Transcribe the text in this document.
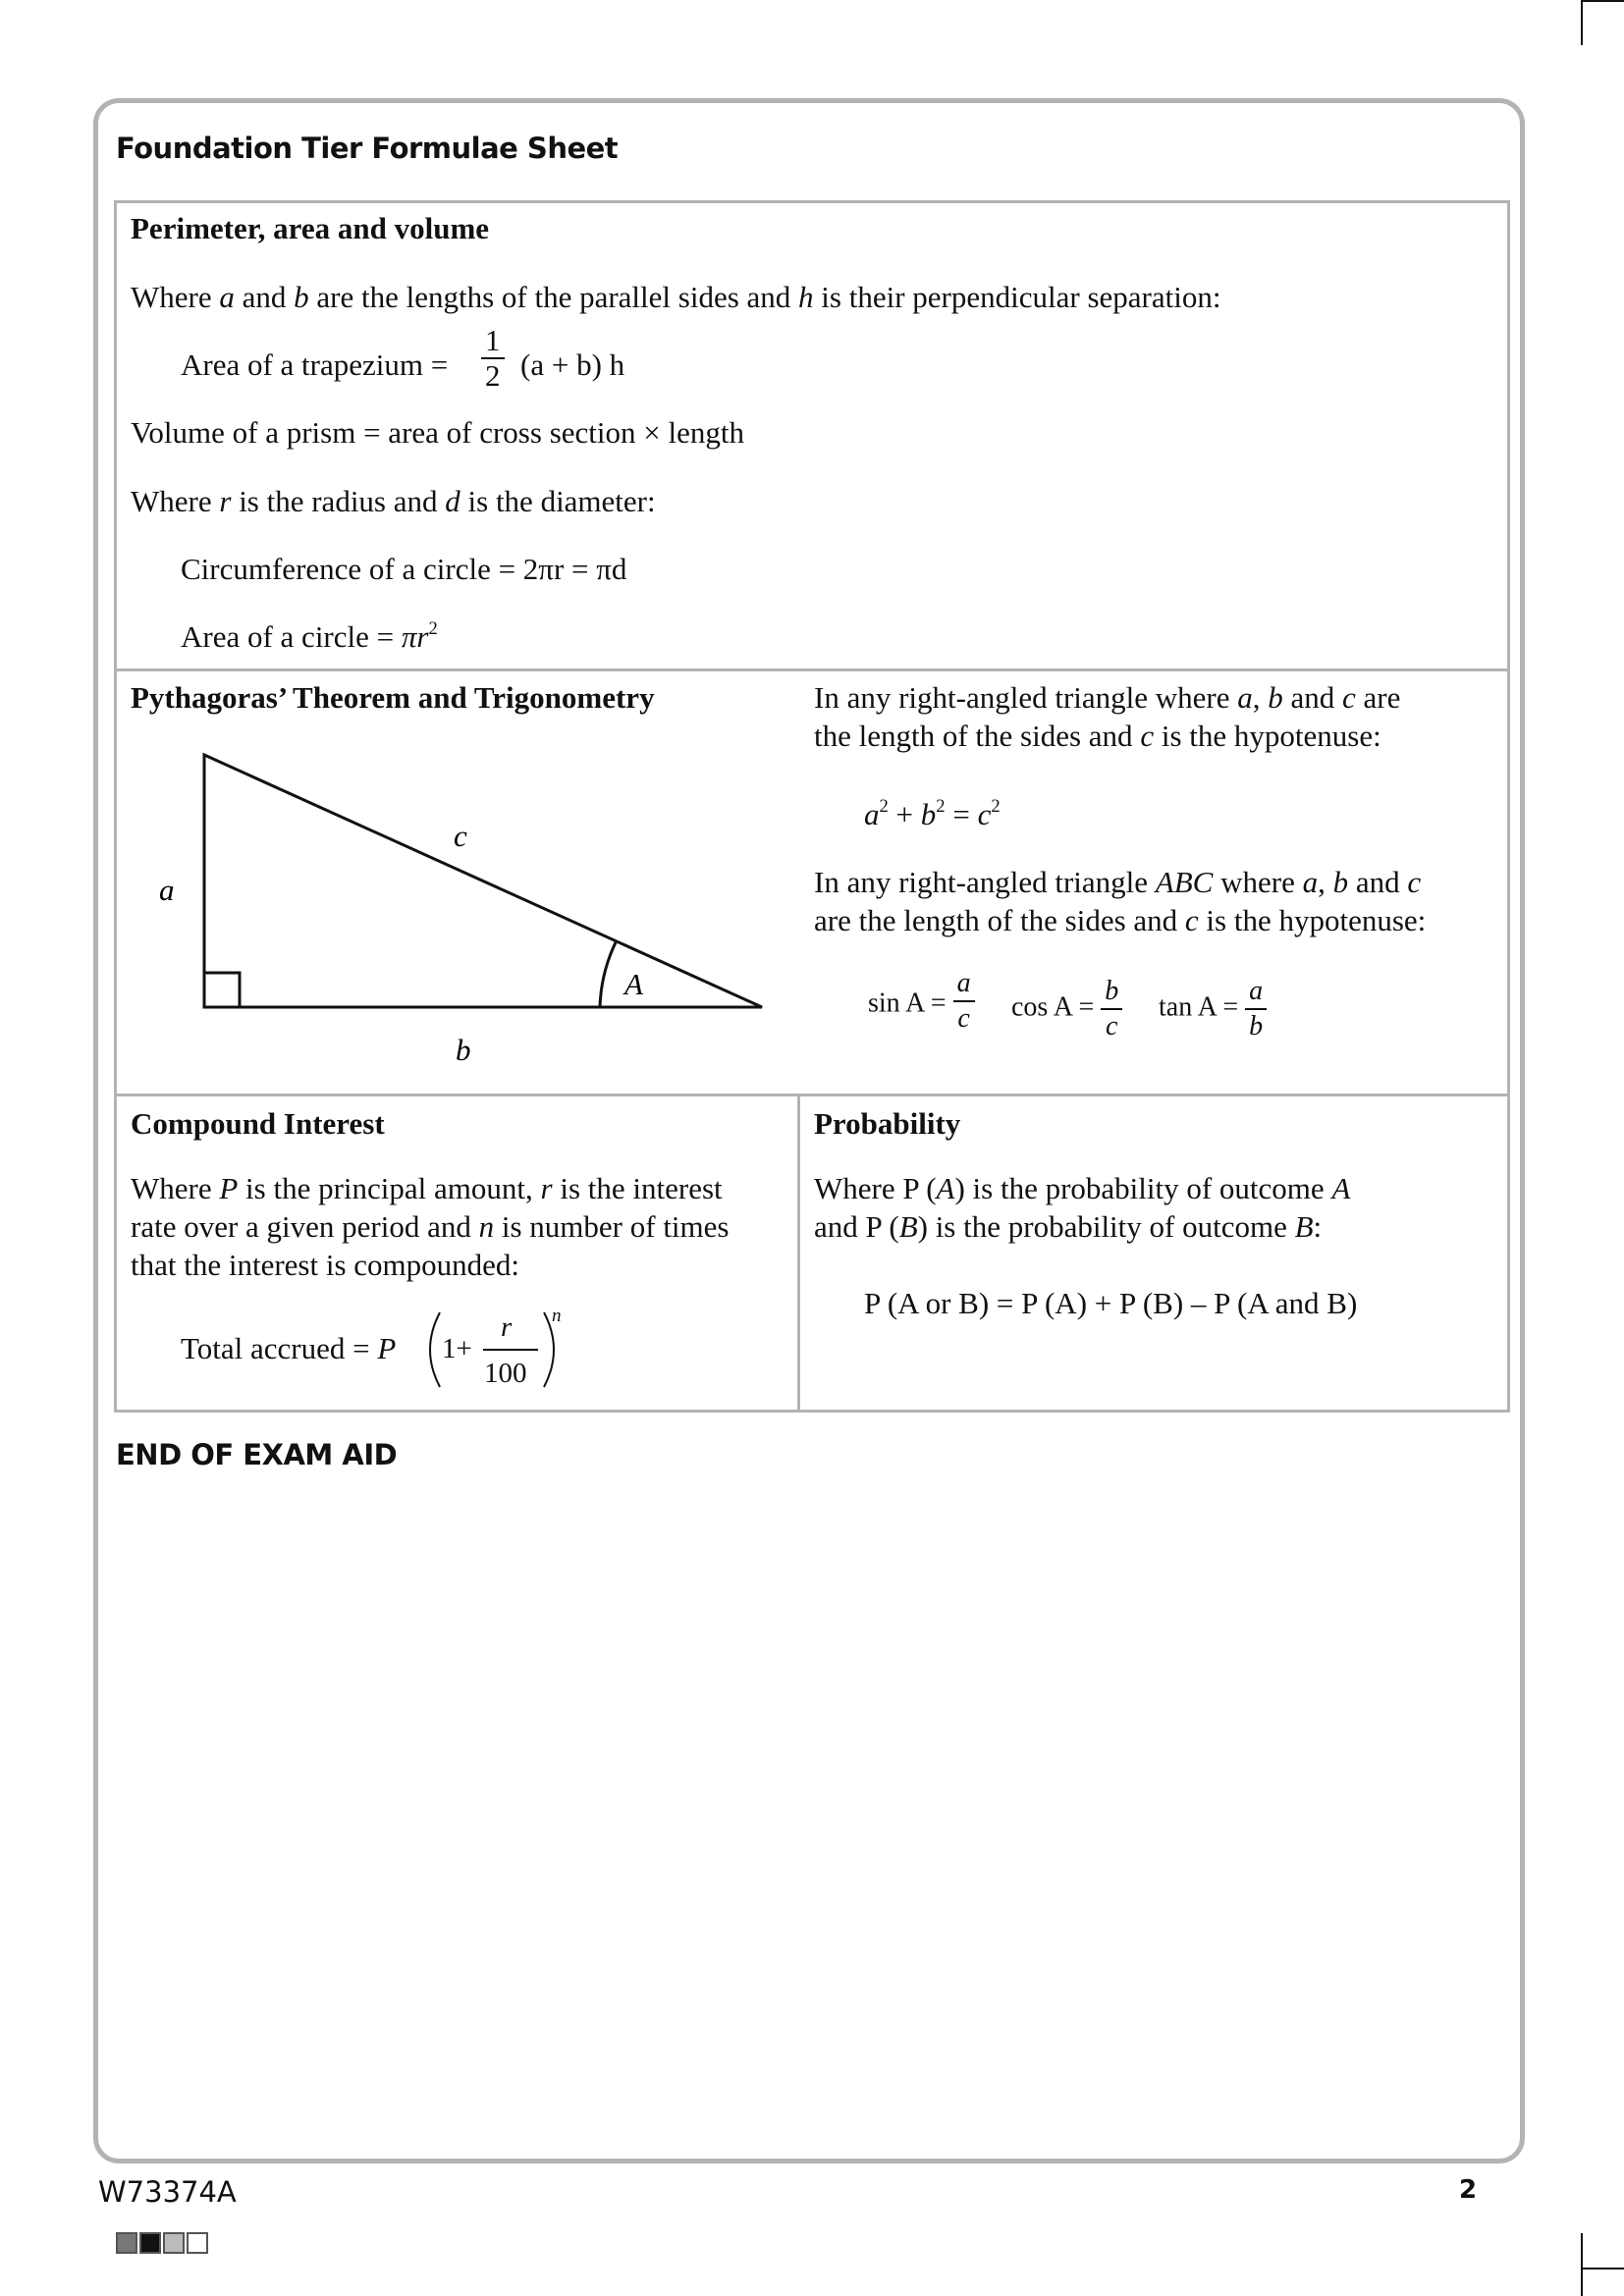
Foundation Tier Formulae Sheet
Perimeter, area and volume
Where a and b are the lengths of the parallel sides and h is their perpendicular separation:
Area of a trapezium = $\frac{1}{2} (a + b)$ h
Volume of a prism = area of cross section × length
Where r is the radius and d is the diameter:
Circumference of a circle = 2πr = πd
Area of a circle = $\pi r^2$
Pythagoras’ Theorem and Trigonometry
a
c
A
b
In any right-angled triangle where a, b and c are
the length of the sides and c is the hypotenuse:
$a^2 + b^2 = c^2$
In any right-angled triangle ABC where a, b and c
are the length of the sides and c is the hypotenuse:
$\sin A = \frac{a}{c}$ $\cos A = \frac{b}{c}$ $\tan A = \frac{a}{b}$
Compound Interest
Where P is the principal amount, r is the interest
rate over a given period and n is number of times
that the interest is compounded:
Total accrued = P 1+
r
100
n
Probability
Where P (A) is the probability of outcome A
and P (B) is the probability of outcome B:
P (A or B) = P (A) + P (B) – P (A and B)
END OF EXAM AID
W73374A	2
